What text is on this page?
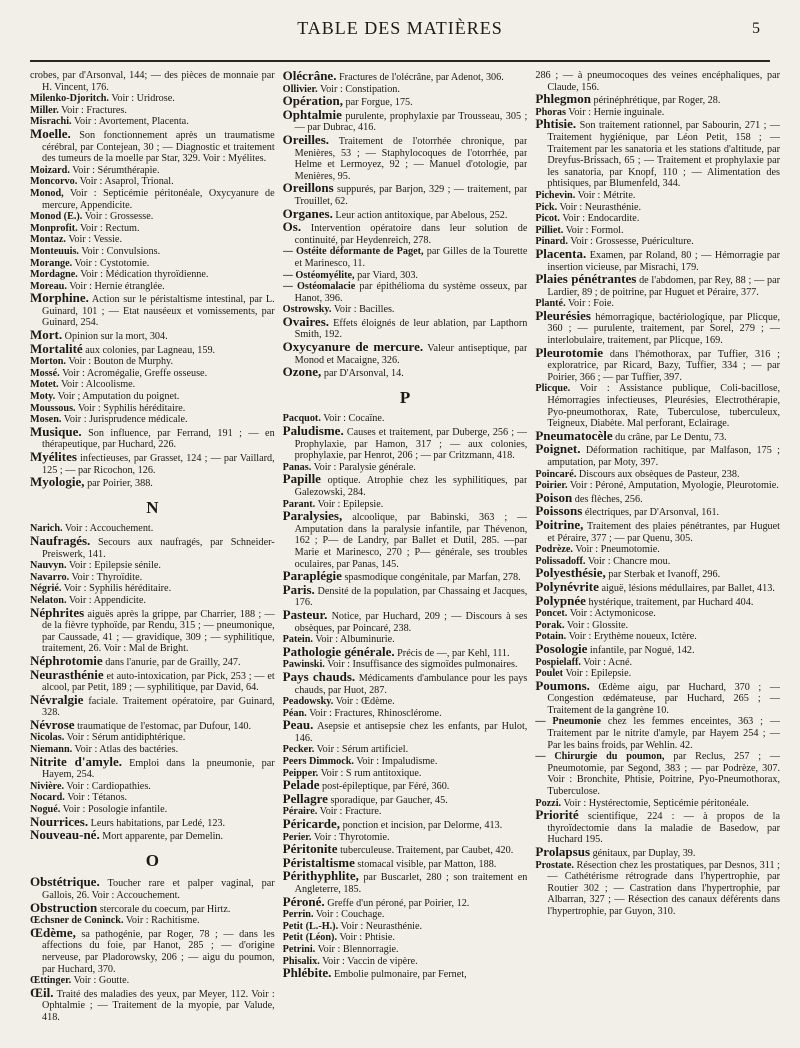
TABLE DES MATIÈRES	5

crobes, par d'Arsonval, 144; — des pièces de monnaie par H. Vincent, 176.

Milenko-Djoritch. Voir : Uridrose.

Miller. Voir : Fractures.

Misrachi. Voir : Avortement, Placenta.

Moelle. Son fonctionnement après un traumatisme cérébral, par Contejean, 30 ; — Diagnostic et traitement des tumeurs de la moelle par Star, 329. Voir : Myélites.

Moizard. Voir : Sérumthérapie.

Moncorvo. Voir : Asaprol, Trional.

Monod, Voir : Septicémie péritonéale, Oxycyanure de mercure, Appendicite.

Monod (E.). Voir : Grossesse.

Monprofit. Voir : Rectum.

Montaz. Voir : Vessie.

Monteuuis. Voir : Convulsions.

Morange. Voir : Cystotomie.

Mordagne. Voir : Médication thyroïdienne.

Moreau. Voir : Hernie étranglée.

Morphine. Action sur le péristaltisme intestinal, par L. Guinard, 101 ; — Etat nauséeux et vomissements, par Guinard, 254.

Mort. Opinion sur la mort, 304.

Mortalité aux colonies, par Lagneau, 159.

Morton. Voir : Bouton de Murphy.

Mossé. Voir : Acromégalie, Greffe osseuse.

Motet. Voir : Alcoolisme.

Moty. Voir ; Amputation du poignet.

Moussous. Voir : Syphilis héréditaire.

Mosen. Voir : Jurisprudence médicale.

Musique. Son influence, par Ferrand, 191 ; — en thérapeutique, par Huchard, 226.

Myélites infectieuses, par Grasset, 124 ; — par Vaillard, 125 ; — par Ricochon, 126.

Myologie, par Poirier, 388.

N

Narich. Voir : Accouchement.

Naufragés. Secours aux naufragés, par Schneider-Preiswerk, 141.

Nauvyn. Voir : Epilepsie sénile.

Navarro. Voir : Thyroïdite.

Négrié. Voir : Syphilis héréditaire.

Nelaton. Voir : Appendicite.

Néphrites aiguës après la grippe, par Charrier, 188 ; — de la fièvre typhoïde, par Rendu, 315 ; — pneumonique, par Caussade, 41 ; — gravidique, 309 ; — syphilitique, traitement, 26. Voir : Mal de Bright.

Néphrotomie dans l'anurie, par de Grailly, 247.

Neurasthénie et auto-intoxication, par Pick, 253 ; — et alcool, par Petit, 189 ; — syphilitique, par David, 64.

Névralgie faciale. Traitement opératoire, par Guinard, 328.

Névrose traumatique de l'estomac, par Dufour, 140.

Nicolas. Voir : Sérum antidiphtérique.

Niemann. Voir : Atlas des bactéries.

Nitrite d'amyle. Emploi dans la pneumonie, par Hayem, 254.

Nivière. Voir : Cardiopathies.

Nocard. Voir : Tétanos.

Nogué. Voir : Posologie infantile.

Nourrices. Leurs habitations, par Ledé, 123.

Nouveau-né. Mort apparente, par Demelin.

O

Obstétrique. Toucher rare et palper vaginal, par Gallois, 26. Voir : Accouchement.

Obstruction stercorale du coecum, par Hirtz.

Œchsner de Coninck. Voir : Rachitisme.

Œdème, sa pathogénie, par Roger, 78 ; — dans les affections du foie, par Hanot, 285 ; — d'origine nerveuse, par Pladorowsky, 206 ; — aigu du poumon, par Huchard, 370.

Œttinger. Voir : Goutte.

Œil. Traité des maladies des yeux, par Meyer, 112. Voir : Ophtalmie ; — Traitement de la myopie, par Valude, 418.

Olécrâne. Fractures de l'olécrâne, par Adenot, 306.

Ollivier. Voir : Constipation.

Opération, par Forgue, 175.

Ophtalmie purulente, prophylaxie par Trousseau, 305 ; — par Dubrac, 416.

Oreilles. Traitement de l'otorrhée chronique, par Menières, 53 ; — Staphylocoques de l'otorrhée, par Helme et Lermoyez, 92 ; — Manuel d'otologie, par Menières, 95.

Oreillons suppurés, par Barjon, 329 ; — traitement, par Trouillet, 62.

Organes. Leur action antitoxique, par Abelous, 252.

Os. Intervention opératoire dans leur solution de continuité, par Heydenreich, 278.

— Ostéite déformante de Paget, par Gilles de la Tourette et Marinesco, 11.

— Ostéomyélite, par Viard, 303.

— Ostéomalacie par épithélioma du système osseux, par Hanot, 396.

Ostrowsky. Voir : Bacilles.

Ovaires. Effets éloignés de leur ablation, par Lapthorn Smith, 192.

Oxycyanure de mercure. Valeur antiseptique, par Monod et Macaigne, 326.

Ozone, par D'Arsonval, 14.

P

Pacquot. Voir : Cocaïne.

Paludisme. Causes et traitement, par Duberge, 256 ; — Prophylaxie, par Hamon, 317 ; — aux colonies, prophylaxie, par Henrot, 206 ; — par Critzmann, 418.

Panas. Voir : Paralysie générale.

Papille optique. Atrophie chez les syphilitiques, par Galezowski, 284.

Parant. Voir : Epilepsie.

Paralysies, alcoolique, par Babinski, 363 ; — Amputation dans la paralysie infantile, par Thévenon, 162 ; P— de Landry, par Ballet et Dutil, 285. —par Marie et Marinesco, 270 ; P— générale, ses troubles oculaires, par Panas, 145.

Paraplégie spasmodique congénitale, par Marfan, 278.

Paris. Densité de la population, par Chassaing et Jacques, 176.

Pasteur. Notice, par Huchard, 209 ; — Discours à ses obsèques, par Poincaré, 238.

Patein. Voir : Albuminurie.

Pathologie générale. Précis de —, par Kehl, 111.

Pawinski. Voir : Insuffisance des sigmoïdes pulmonaires.

Pays chauds. Médicaments d'ambulance pour les pays chauds, par Huot, 287.

Peadowsky. Voir : Œdème.

Péan. Voir : Fractures, Rhinosclérome.

Peau. Asepsie et antisepsie chez les enfants, par Hulot, 146.

Pecker. Voir : Sérum artificiel.

Peers Dimmock. Voir : Impaludisme.

Peipper. Voir : S rum antitoxique.

Pelade post-épileptique, par Féré, 360.

Pellagre sporadique, par Gaucher, 45.

Péraire. Voir : Fracture.

Péricarde, ponction et incision, par Delorme, 413.

Perier. Voir : Thyrotomie.

Péritonite tuberculeuse. Traitement, par Caubet, 420.

Péristaltisme stomacal visible, par Matton, 188.

Périthyphlite, par Buscarlet, 280 ; son traitement en Angleterre, 185.

Péroné. Greffe d'un péroné, par Poirier, 12.

Perrin. Voir : Couchage.

Petit (L.-H.). Voir : Neurasthénie.

Petit (Léon). Voir : Phtisie.

Petrini. Voir : Blennorragie.

Phisalix. Voir : Vaccin de vipère.

Phlébite. Embolie pulmonaire, par Fernet,

286 ; — à pneumocoques des veines encéphaliques, par Claude, 156.

Phlegmon périnéphrétique, par Roger, 28.

Phoras Voir : Hernie inguinale.

Phtisie. Son traitement rationnel, par Sabourin, 271 ; — Traitement hygiénique, par Léon Petit, 158 ; — Traitement par les sanatoria et les stations d'altitude, par Dreyfus-Brissach, 65 ; — Traitement et prophylaxie par les sanatoria, par Knopf, 110 ; — Alimentation des phtisiques, par Blumenfeld, 344.

Pichevin. Voir : Métrite.

Pick. Voir : Neurasthénie.

Picot. Voir : Endocardite.

Pilliet. Voir : Formol.

Pinard. Voir : Grossesse, Puériculture.

Placenta. Examen, par Roland, 80 ; — Hémorragie par insertion vicieuse, par Misrachi, 179.

Plaies pénétrantes de l'abdomen, par Rey, 88 ; — par Lardier, 89 ; de poitrine, par Huguet et Péraire, 377.

Planté. Voir : Foie.

Pleurésies hémorragique, bactériologique, par Plicque, 360 ; — purulente, traitement, par Sorel, 279 ; — interlobulaire, traitement, par Plicque, 169.

Pleurotomie dans l'hémothorax, par Tuffier, 316 ; exploratrice, par Ricard, Bazy, Tuffier, 334 ; — par Poirier, 366 ; — par Tuffier, 397.

Plicque. Voir : Assistance publique, Coli-bacillose, Hémorragies infectieuses, Pleurésies, Electrothérapie, Pyo-pneumothorax, Rate, Tuberculose, tuberculeux, Teigneux, Diabète. Mal perforant, Eclairage.

Pneumatocèle du crâne, par Le Dentu, 73.

Poignet. Déformation rachitique, par Malfason, 175 ; amputation, par Moty, 397.

Poincaré. Discours aux obsèques de Pasteur, 238.

Poirier. Voir : Péroné, Amputation, Myologie, Pleurotomie.

Poison des flèches, 256.

Poissons électriques, par D'Arsonval, 161.

Poitrine, Traitement des plaies pénétrantes, par Huguet et Péraire, 377 ; — par Quenu, 305.

Podrèze. Voir : Pneumotomie.

Polissadoff. Voir : Chancre mou.

Polyesthésie, par Sterbak et Ivanoff, 296.

Polynévrite aiguë, lésions médullaires, par Ballet, 413.

Polypnée hystérique, traitement, par Huchard 404.

Poncet. Voir : Actymonicose.

Porak. Voir : Glossite.

Potain. Voir : Erythème noueux, Ictère.

Posologie infantile, par Nogué, 142.

Pospielaff. Voir : Acné.

Poulet Voir : Epilepsie.

Poumons. Œdème aigu, par Huchard, 370 ; — Congestion œdémateuse, par Huchard, 265 ; — Traitement de la gangrène 10.

— Pneumonie chez les femmes enceintes, 363 ; — Traitement par le nitrite d'amyle, par Hayem 254 ; — Par les bains froids, par Wehlin. 42.

— Chirurgie du poumon, par Reclus, 257 ; — Pneumotomie, par Segond, 383 ; — par Podrèze, 307. Voir : Bronchite, Phtisie, Poitrine, Pyo-Pneumothorax, Tuberculose.

Pozzi. Voir : Hystérectomie, Septicémie péritonéale.

Priorité scientifique, 224 : — à propos de la thyroïdectomie dans la maladie de Basedow, par Huchard 195.

Prolapsus génitaux, par Duplay, 39.

Prostate. Résection chez les prostatiques, par Desnos, 311 ; — Cathétérisme rétrograde dans l'hypertrophie, par Routier 302 ; — Castration dans l'hypertrophie, par Albarran, 327 ; — Résection des canaux déférents dans l'hypertrophie, par Guyon, 310.
